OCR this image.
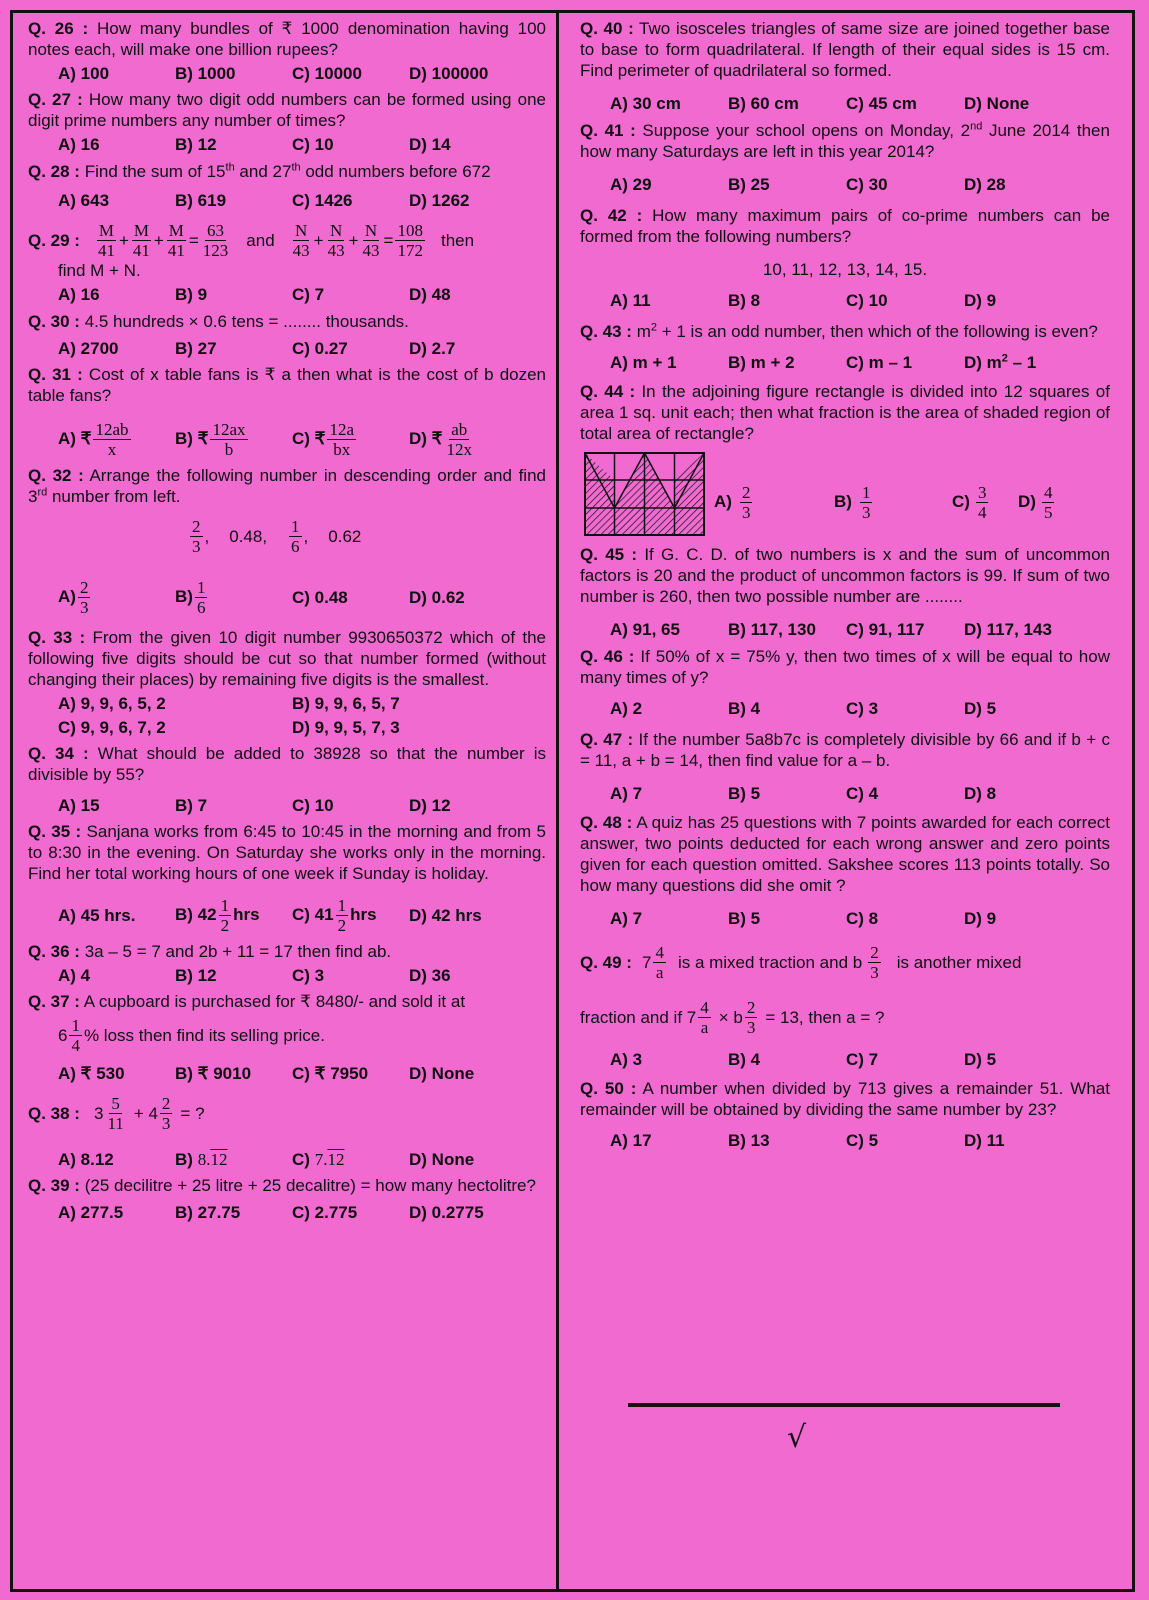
Q. 26 : How many bundles of ₹ 1000 denomination having 100 notes each, will make one billion rupees?
A) 100	B) 1000	C) 10000	D) 100000
Q. 27 : How many two digit odd numbers can be formed using one digit prime numbers any number of times?
A) 16	B) 12	C) 10	D) 14
Q. 28 : Find the sum of 15th and 27th odd numbers before 672
A) 643	B) 619	C) 1426	D) 1262
Q. 29 : $\frac{M}{41} + \frac{M}{41} + \frac{M}{41} = \frac{63}{123}$ and $\frac{N}{43} + \frac{N}{43} + \frac{N}{43} = \frac{108}{172}$ then
find M + N.
A) 16	B) 9	C) 7	D) 48
Q. 30 : 4.5 hundreds × 0.6 tens = ........ thousands.
A) 2700	B) 27	C) 0.27	D) 2.7
Q. 31 : Cost of x table fans is ₹ a then what is the cost of b dozen table fans?
A) ₹ $\frac{12ab}{x}$	B) ₹ $\frac{12ax}{b}$	C) ₹ $\frac{12a}{bx}$	D) ₹ $\frac{ab}{12x}$
Q. 32 : Arrange the following number in descending order and find 3rd number from left.
$\frac{2}{3}$ , 0.48, $\frac{1}{6}$ , 0.62
$A) \frac{2}{3}$	$B) \frac{1}{6}$	C) 0.48	D) 0.62
Q. 33 : From the given 10 digit number 9930650372 which of the following five digits should be cut so that number formed (without changing their places) by remaining five digits is the smallest.
A) 9, 9, 6, 5, 2	B) 9, 9, 6, 5, 7
C) 9, 9, 6, 7, 2	D) 9, 9, 5, 7, 3
Q. 34 : What should be added to 38928 so that the number is divisible by 55?
A) 15	B) 7	C) 10	D) 12
Q. 35 : Sanjana works from 6:45 to 10:45 in the morning and from 5 to 8:30 in the evening. On Saturday she works only in the morning. Find her total working hours of one week if Sunday is holiday.
A) 45 hrs.	B) $42 \frac{1}{2}$ hrs	C) $41 \frac{1}{2}$ hrs	D) 42 hrs
Q. 36 : 3a – 5 = 7 and 2b + 11 = 17 then find ab.
A) 4	B) 12	C) 3	D) 36
Q. 37 : A cupboard is purchased for ₹ 8480/- and sold it at
$6 \frac{1}{4}$ % loss then find its selling price.
A) ₹ 530	B) ₹ 9010	C) ₹ 7950	D) None
Q. 38 : $3 \frac{5}{11} + 4 \frac{2}{3}$ = ?
A) 8.12	B) 8.12	C) 7.12	D) None
Q. 39 : (25 decilitre + 25 litre + 25 decalitre) = how many hectolitre?
A) 277.5	B) 27.75	C) 2.775	D) 0.2775
Q. 40 : Two isosceles triangles of same size are joined together base to base to form quadrilateral. If length of their equal sides is 15 cm. Find perimeter of quadrilateral so formed.
A) 30 cm	B) 60 cm	C) 45 cm	D) None
Q. 41 : Suppose your school opens on Monday, 2nd June 2014 then how many Saturdays are left in this year 2014?
A) 29	B) 25	C) 30	D) 28
Q. 42 : How many maximum pairs of co-prime numbers can be formed from the following numbers?
10, 11, 12, 13, 14, 15.
A) 11	B) 8	C) 10	D) 9
Q. 43 : $m^2 + 1$ is an odd number, then which of the following is even?
A) m + 1	B) m + 2	C) m – 1	D) $m^2 - 1$
Q. 44 : In the adjoining figure rectangle is divided into 12 squares of area 1 sq. unit each; then what fraction is the area of shaded region of total area of rectangle?
$A) \frac{2}{3}$	$B) \frac{1}{3}$	$C) \frac{3}{4} D) \frac{4}{5}$
Q. 45 : If G. C. D. of two numbers is x and the sum of uncommon factors is 20 and the product of uncommon factors is 99. If sum of two number is 260, then two possible number are ........
A) 91, 65	B) 117, 130	C) 91, 117	D) 117, 143
Q. 46 : If 50% of x = 75% y, then two times of x will be equal to how many times of y?
A) 2	B) 4	C) 3	D) 5
Q. 47 : If the number 5a8b7c is completely divisible by 66 and if b + c = 11, a + b = 14, then find value for a – b.
A) 7	B) 5	C) 4	D) 8
Q. 48 : A quiz has 25 questions with 7 points awarded for each correct answer, two points deducted for each wrong answer and zero points given for each question omitted. Sakshee scores 113 points totally. So how many questions did she omit ?
A) 7	B) 5	C) 8	D) 9
Q. 49 : $7 \frac{4}{a}$ is a mixed traction and b $\frac{2}{3}$ is another mixed
fraction and if $7 \frac{4}{a} \times b \frac{2}{3} = 13$, then a = ?
A) 3	B) 4	C) 7	D) 5
Q. 50 : A number when divided by 713 gives a remainder 51. What remainder will be obtained by dividing the same number by 23?
A) 17	B) 13	C) 5	D) 11
√
